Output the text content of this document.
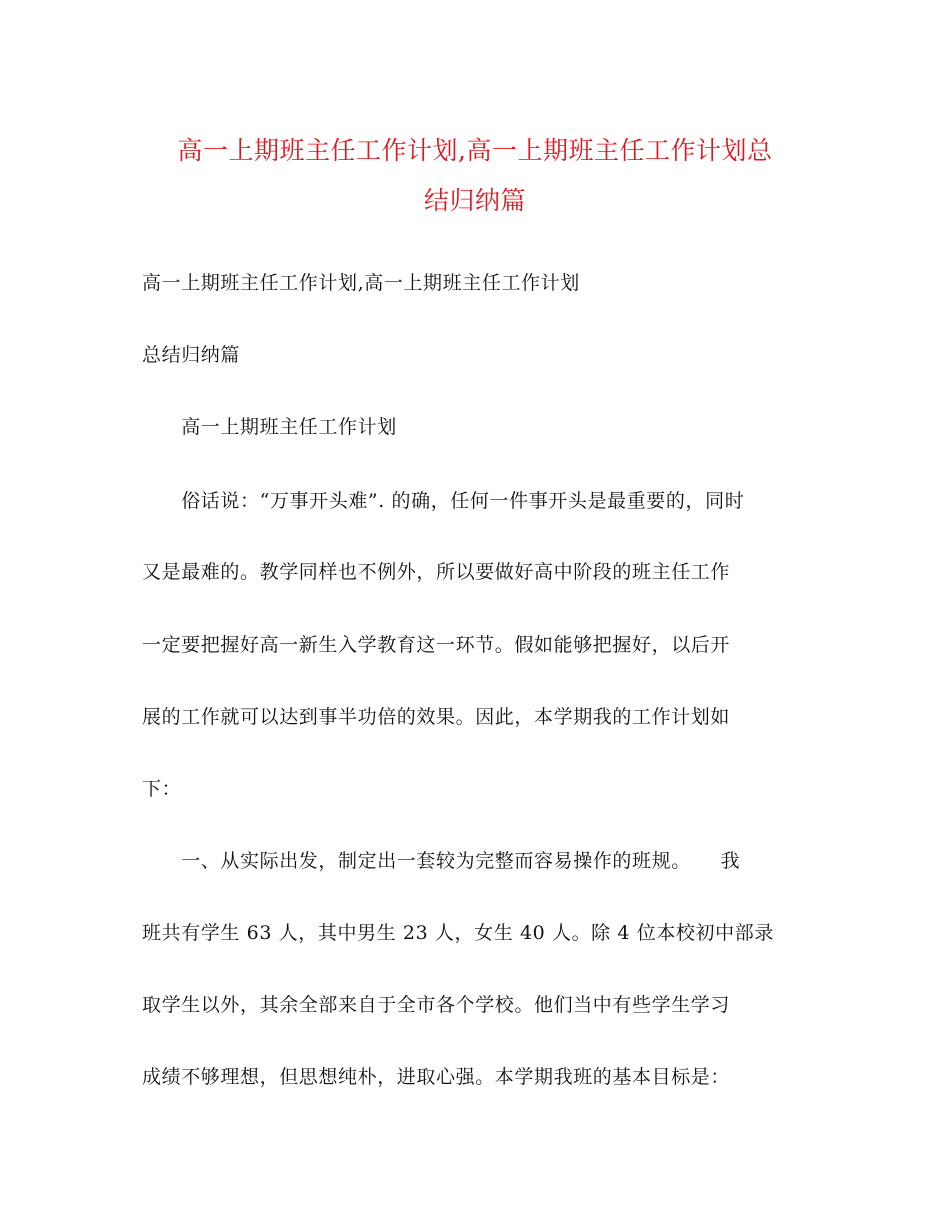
高一上期班主任工作计划,高一上期班主任工作计划总
结归纳篇
高一上期班主任工作计划,高一上期班主任工作计划
总结归纳篇
　　高一上期班主任工作计划
　　俗话说：“万事开头难”. 的确，任何一件事开头是最重要的，同时
又是最难的。教学同样也不例外，所以要做好高中阶段的班主任工作
一定要把握好高一新生入学教育这一环节。假如能够把握好，以后开
展的工作就可以达到事半功倍的效果。因此，本学期我的工作计划如
下：
　　一、从实际出发，制定出一套较为完整而容易操作的班规。　　我
班共有学生 63 人，其中男生 23 人，女生 40 人。除 4 位本校初中部录
取学生以外，其余全部来自于全市各个学校。他们当中有些学生学习
成绩不够理想，但思想纯朴，进取心强。本学期我班的基本目标是：
